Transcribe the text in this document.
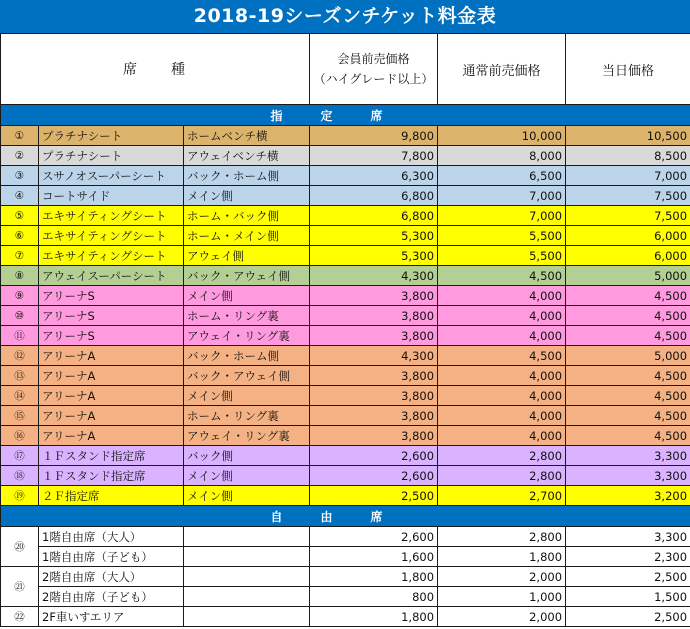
2018-19シーズンチケット料金表
席　　種			会員前売価格
（ハイグレード以上）	通常前売価格	当日価格
指定席					
①	プラチナシート	ホームベンチ横	9,800	10,000	10,500
②	プラチナシート	アウェイベンチ横	7,800	8,000	8,500
③	スサノオスーパーシート	バック・ホーム側	6,300	6,500	7,000
④	コートサイド	メイン側	6,800	7,000	7,500
⑤	エキサイティングシート	ホーム・バック側	6,800	7,000	7,500
⑥	エキサイティングシート	ホーム・メイン側	5,300	5,500	6,000
⑦	エキサイティングシート	アウェイ側	5,300	5,500	6,000
⑧	アウェイスーパーシート	バック・アウェイ側	4,300	4,500	5,000
⑨	アリーナS	メイン側	3,800	4,000	4,500
⑩	アリーナS	ホーム・リング裏	3,800	4,000	4,500
⑪	アリーナS	アウェイ・リング裏	3,800	4,000	4,500
⑫	アリーナA	バック・ホーム側	4,300	4,500	5,000
⑬	アリーナA	バック・アウェイ側	3,800	4,000	4,500
⑭	アリーナA	メイン側	3,800	4,000	4,500
⑮	アリーナA	ホーム・リング裏	3,800	4,000	4,500
⑯	アリーナA	アウェイ・リング裏	3,800	4,000	4,500
⑰	１Ｆスタンド指定席	バック側	2,600	2,800	3,300
⑱	１Ｆスタンド指定席	メイン側	2,600	2,800	3,300
⑲	２Ｆ指定席	メイン側	2,500	2,700	3,200
自由席					
⑳	1階自由席（大人）		2,600	2,800	3,300
	1階自由席（子ども）		1,600	1,800	2,300
㉑	2階自由席（大人）		1,800	2,000	2,500
	2階自由席（子ども）		800	1,000	1,500
㉒	2F車いすエリア		1,800	2,000	2,500
